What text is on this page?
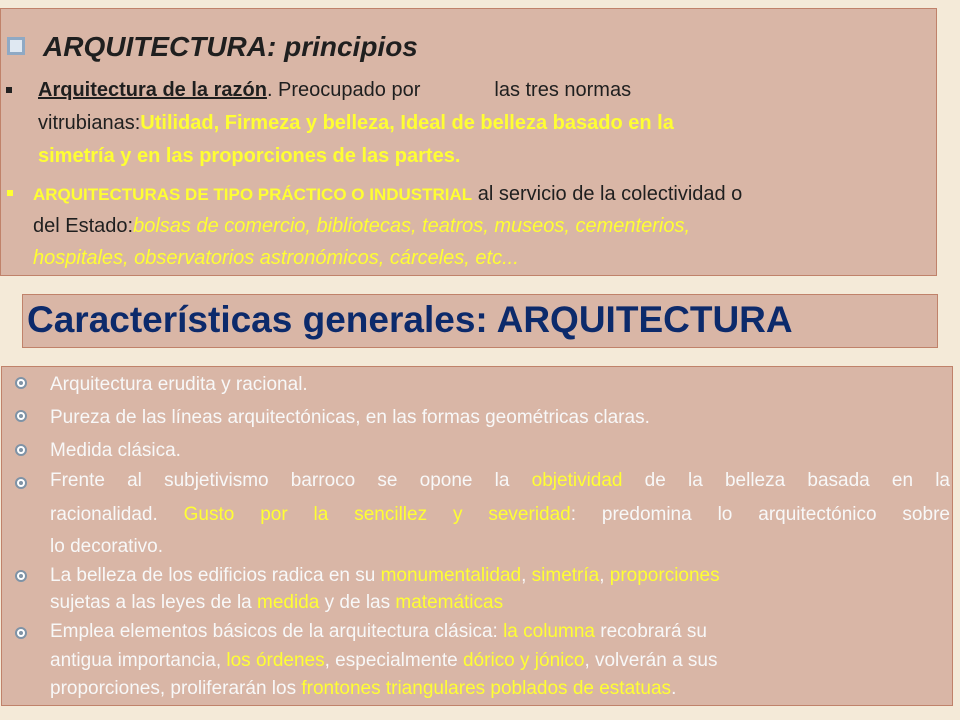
ARQUITECTURA: principios
Arquitectura de la razón. Preocupado por	las tres normas
vitrubianas:Utilidad, Firmeza y belleza, Ideal de belleza basado en la
simetría y en las proporciones de las partes.
ARQUITECTURAS DE TIPO PRÁCTICO O INDUSTRIAL al servicio de la colectividad o
del Estado:bolsas de comercio, bibliotecas, teatros, museos, cementerios,
hospitales, observatorios astronómicos, cárceles, etc...
Características generales: ARQUITECTURA
Arquitectura erudita y racional.
Pureza de las líneas arquitectónicas, en las formas geométricas claras.
Medida clásica.
Frente al subjetivismo barroco se opone la objetividad de la belleza basada en la
racionalidad. Gusto por la sencillez y severidad: predomina lo arquitectónico sobre
lo decorativo.
La belleza de los edificios radica en su monumentalidad, simetría, proporciones
sujetas a las leyes de la medida y de las matemáticas
Emplea elementos básicos de la arquitectura clásica: la columna recobrará su
antigua importancia, los órdenes, especialmente dórico y jónico, volverán a sus
proporciones, proliferarán los frontones triangulares poblados de estatuas.
